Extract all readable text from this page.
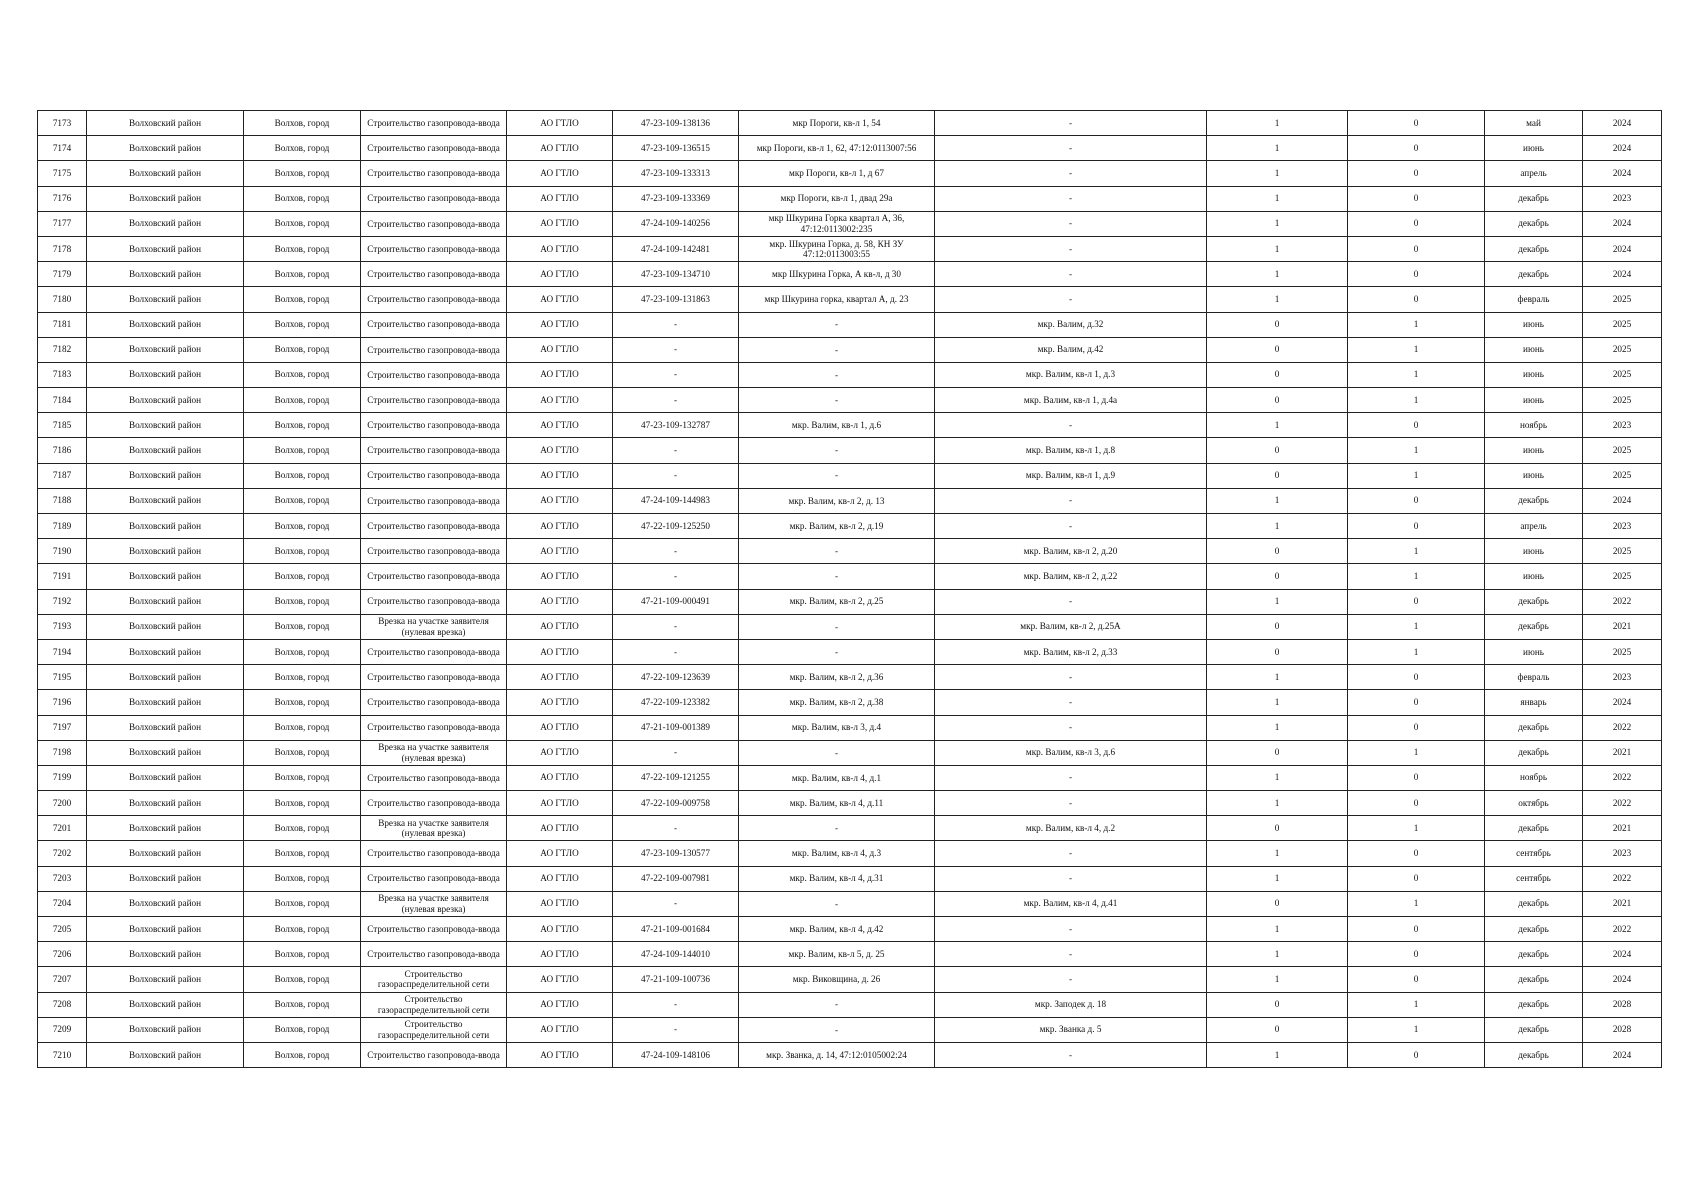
7173	Волховский район	Волхов, город	Строительство газопровода-ввода	АО ГТЛО	47-23-109-138136	мкр Пороги, кв-л 1, 54	-	1	0	май	2024
7174	Волховский район	Волхов, город	Строительство газопровода-ввода	АО ГТЛО	47-23-109-136515	мкр Пороги, кв-л 1, 62, 47:12:0113007:56	-	1	0	июнь	2024
7175	Волховский район	Волхов, город	Строительство газопровода-ввода	АО ГТЛО	47-23-109-133313	мкр Пороги, кв-л 1, д 67	-	1	0	апрель	2024
7176	Волховский район	Волхов, город	Строительство газопровода-ввода	АО ГТЛО	47-23-109-133369	мкр Пороги, кв-л 1, двад 29а	-	1	0	декабрь	2023
7177	Волховский район	Волхов, город	Строительство газопровода-ввода	АО ГТЛО	47-24-109-140256	мкр Шкурина Горка квартал А, 36, 47:12:0113002:235	-	1	0	декабрь	2024
7178	Волховский район	Волхов, город	Строительство газопровода-ввода	АО ГТЛО	47-24-109-142481	мкр. Шкурина Горка, д. 58, КН ЗУ 47:12:0113003:55	-	1	0	декабрь	2024
7179	Волховский район	Волхов, город	Строительство газопровода-ввода	АО ГТЛО	47-23-109-134710	мкр Шкурина Горка, А кв-л, д 30	-	1	0	декабрь	2024
7180	Волховский район	Волхов, город	Строительство газопровода-ввода	АО ГТЛО	47-23-109-131863	мкр Шкурина горка, квартал А, д. 23	-	1	0	февраль	2025
7181	Волховский район	Волхов, город	Строительство газопровода-ввода	АО ГТЛО	-	-	мкр. Валим, д.32	0	1	июнь	2025
7182	Волховский район	Волхов, город	Строительство газопровода-ввода	АО ГТЛО	-	-	мкр. Валим, д.42	0	1	июнь	2025
7183	Волховский район	Волхов, город	Строительство газопровода-ввода	АО ГТЛО	-	-	мкр. Валим, кв-л 1, д.3	0	1	июнь	2025
7184	Волховский район	Волхов, город	Строительство газопровода-ввода	АО ГТЛО	-	-	мкр. Валим, кв-л 1, д.4а	0	1	июнь	2025
7185	Волховский район	Волхов, город	Строительство газопровода-ввода	АО ГТЛО	47-23-109-132787	мкр. Валим, кв-л 1, д.6	-	1	0	ноябрь	2023
7186	Волховский район	Волхов, город	Строительство газопровода-ввода	АО ГТЛО	-	-	мкр. Валим, кв-л 1, д.8	0	1	июнь	2025
7187	Волховский район	Волхов, город	Строительство газопровода-ввода	АО ГТЛО	-	-	мкр. Валим, кв-л 1, д.9	0	1	июнь	2025
7188	Волховский район	Волхов, город	Строительство газопровода-ввода	АО ГТЛО	47-24-109-144983	мкр. Валим, кв-л 2, д. 13	-	1	0	декабрь	2024
7189	Волховский район	Волхов, город	Строительство газопровода-ввода	АО ГТЛО	47-22-109-125250	мкр. Валим, кв-л 2, д.19	-	1	0	апрель	2023
7190	Волховский район	Волхов, город	Строительство газопровода-ввода	АО ГТЛО	-	-	мкр. Валим, кв-л 2, д.20	0	1	июнь	2025
7191	Волховский район	Волхов, город	Строительство газопровода-ввода	АО ГТЛО	-	-	мкр. Валим, кв-л 2, д.22	0	1	июнь	2025
7192	Волховский район	Волхов, город	Строительство газопровода-ввода	АО ГТЛО	47-21-109-000491	мкр. Валим, кв-л 2, д.25	-	1	0	декабрь	2022
7193	Волховский район	Волхов, город	Врезка на участке заявителя (нулевая врезка)	АО ГТЛО	-	-	мкр. Валим, кв-л 2, д.25А	0	1	декабрь	2021
7194	Волховский район	Волхов, город	Строительство газопровода-ввода	АО ГТЛО	-	-	мкр. Валим, кв-л 2, д.33	0	1	июнь	2025
7195	Волховский район	Волхов, город	Строительство газопровода-ввода	АО ГТЛО	47-22-109-123639	мкр. Валим, кв-л 2, д.36	-	1	0	февраль	2023
7196	Волховский район	Волхов, город	Строительство газопровода-ввода	АО ГТЛО	47-22-109-123382	мкр. Валим, кв-л 2, д.38	-	1	0	январь	2024
7197	Волховский район	Волхов, город	Строительство газопровода-ввода	АО ГТЛО	47-21-109-001389	мкр. Валим, кв-л 3, д.4	-	1	0	декабрь	2022
7198	Волховский район	Волхов, город	Врезка на участке заявителя (нулевая врезка)	АО ГТЛО	-	-	мкр. Валим, кв-л 3, д.6	0	1	декабрь	2021
7199	Волховский район	Волхов, город	Строительство газопровода-ввода	АО ГТЛО	47-22-109-121255	мкр. Валим, кв-л 4, д.1	-	1	0	ноябрь	2022
7200	Волховский район	Волхов, город	Строительство газопровода-ввода	АО ГТЛО	47-22-109-009758	мкр. Валим, кв-л 4, д.11	-	1	0	октябрь	2022
7201	Волховский район	Волхов, город	Врезка на участке заявителя (нулевая врезка)	АО ГТЛО	-	-	мкр. Валим, кв-л 4, д.2	0	1	декабрь	2021
7202	Волховский район	Волхов, город	Строительство газопровода-ввода	АО ГТЛО	47-23-109-130577	мкр. Валим, кв-л 4, д.3	-	1	0	сентябрь	2023
7203	Волховский район	Волхов, город	Строительство газопровода-ввода	АО ГТЛО	47-22-109-007981	мкр. Валим, кв-л 4, д.31	-	1	0	сентябрь	2022
7204	Волховский район	Волхов, город	Врезка на участке заявителя (нулевая врезка)	АО ГТЛО	-	-	мкр. Валим, кв-л 4, д.41	0	1	декабрь	2021
7205	Волховский район	Волхов, город	Строительство газопровода-ввода	АО ГТЛО	47-21-109-001684	мкр. Валим, кв-л 4, д.42	-	1	0	декабрь	2022
7206	Волховский район	Волхов, город	Строительство газопровода-ввода	АО ГТЛО	47-24-109-144010	мкр. Валим, кв-л 5, д. 25	-	1	0	декабрь	2024
7207	Волховский район	Волхов, город	Строительство газораспределительной сети	АО ГТЛО	47-21-109-100736	мкр. Виковщина, д. 26	-	1	0	декабрь	2024
7208	Волховский район	Волхов, город	Строительство газораспределительной сети	АО ГТЛО	-	-	мкр. Заподек д. 18	0	1	декабрь	2028
7209	Волховский район	Волхов, город	Строительство газораспределительной сети	АО ГТЛО	-	-	мкр. Званка д. 5	0	1	декабрь	2028
7210	Волховский район	Волхов, город	Строительство газопровода-ввода	АО ГТЛО	47-24-109-148106	мкр. Званка, д. 14, 47:12:0105002:24	-	1	0	декабрь	2024
